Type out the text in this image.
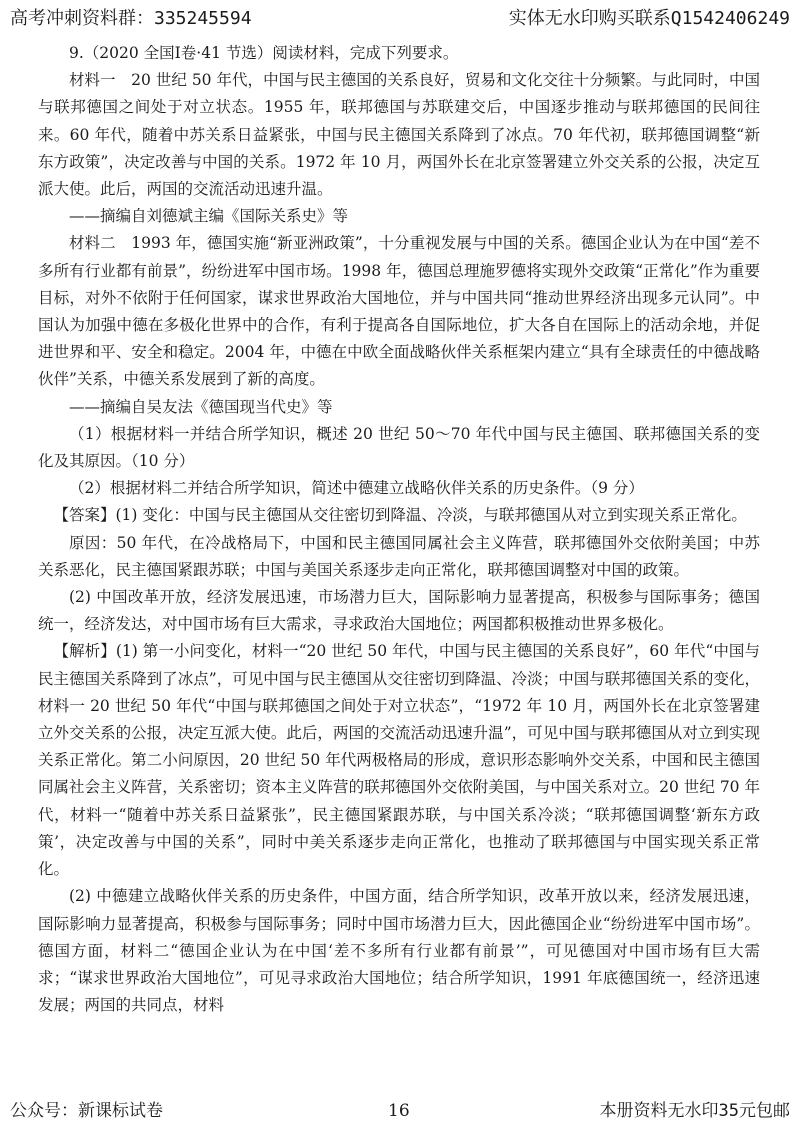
高考冲刺资料群：335245594	实体无水印购买联系Q1542406249

9.（2020 全国Ⅰ卷·41 节选）阅读材料，完成下列要求。

材料一　20 世纪 50 年代，中国与民主德国的关系良好，贸易和文化交往十分频繁。与此同时，中国与联邦德国之间处于对立状态。1955 年，联邦德国与苏联建交后，中国逐步推动与联邦德国的民间往来。60 年代，随着中苏关系日益紧张，中国与民主德国关系降到了冰点。70 年代初，联邦德国调整“新东方政策”，决定改善与中国的关系。1972 年 10 月，两国外长在北京签署建立外交关系的公报，决定互派大使。此后，两国的交流活动迅速升温。

——摘编自刘德斌主编《国际关系史》等

材料二　1993 年，德国实施“新亚洲政策”，十分重视发展与中国的关系。德国企业认为在中国“差不多所有行业都有前景”，纷纷进军中国市场。1998 年，德国总理施罗德将实现外交政策“正常化”作为重要目标，对外不依附于任何国家，谋求世界政治大国地位，并与中国共同“推动世界经济出现多元认同”。中国认为加强中德在多极化世界中的合作，有利于提高各自国际地位，扩大各自在国际上的活动余地，并促进世界和平、安全和稳定。2004 年，中德在中欧全面战略伙伴关系框架内建立“具有全球责任的中德战略伙伴”关系，中德关系发展到了新的高度。

——摘编自吴友法《德国现当代史》等

（1）根据材料一并结合所学知识，概述 20 世纪 50～70 年代中国与民主德国、联邦德国关系的变化及其原因。（10 分）

（2）根据材料二并结合所学知识，简述中德建立战略伙伴关系的历史条件。（9 分）

【答案】(1) 变化：中国与民主德国从交往密切到降温、冷淡，与联邦德国从对立到实现关系正常化。

原因：50 年代，在冷战格局下，中国和民主德国同属社会主义阵营，联邦德国外交依附美国；中苏关系恶化，民主德国紧跟苏联；中国与美国关系逐步走向正常化，联邦德国调整对中国的政策。

(2) 中国改革开放，经济发展迅速，市场潜力巨大，国际影响力显著提高，积极参与国际事务；德国统一，经济发达，对中国市场有巨大需求，寻求政治大国地位；两国都积极推动世界多极化。

【解析】(1) 第一小问变化，材料一“20 世纪 50 年代，中国与民主德国的关系良好”，60 年代“中国与民主德国关系降到了冰点”，可见中国与民主德国从交往密切到降温、冷淡；中国与联邦德国关系的变化，材料一 20 世纪 50 年代“中国与联邦德国之间处于对立状态”，“1972 年 10 月，两国外长在北京签署建立外交关系的公报，决定互派大使。此后，两国的交流活动迅速升温”，可见中国与联邦德国从对立到实现关系正常化。第二小问原因，20 世纪 50 年代两极格局的形成，意识形态影响外交关系，中国和民主德国同属社会主义阵营，关系密切；资本主义阵营的联邦德国外交依附美国，与中国关系对立。20 世纪 70 年代，材料一“随着中苏关系日益紧张”，民主德国紧跟苏联，与中国关系冷淡；“联邦德国调整‘新东方政策’，决定改善与中国的关系”，同时中美关系逐步走向正常化，也推动了联邦德国与中国实现关系正常化。

(2) 中德建立战略伙伴关系的历史条件，中国方面，结合所学知识，改革开放以来，经济发展迅速，国际影响力显著提高，积极参与国际事务；同时中国市场潜力巨大，因此德国企业“纷纷进军中国市场”。德国方面，材料二“德国企业认为在中国‘差不多所有行业都有前景’”，可见德国对中国市场有巨大需求；“谋求世界政治大国地位”，可见寻求政治大国地位；结合所学知识，1991 年底德国统一，经济迅速发展；两国的共同点，材料

公众号：新课标试卷	16	本册资料无水印35元包邮
